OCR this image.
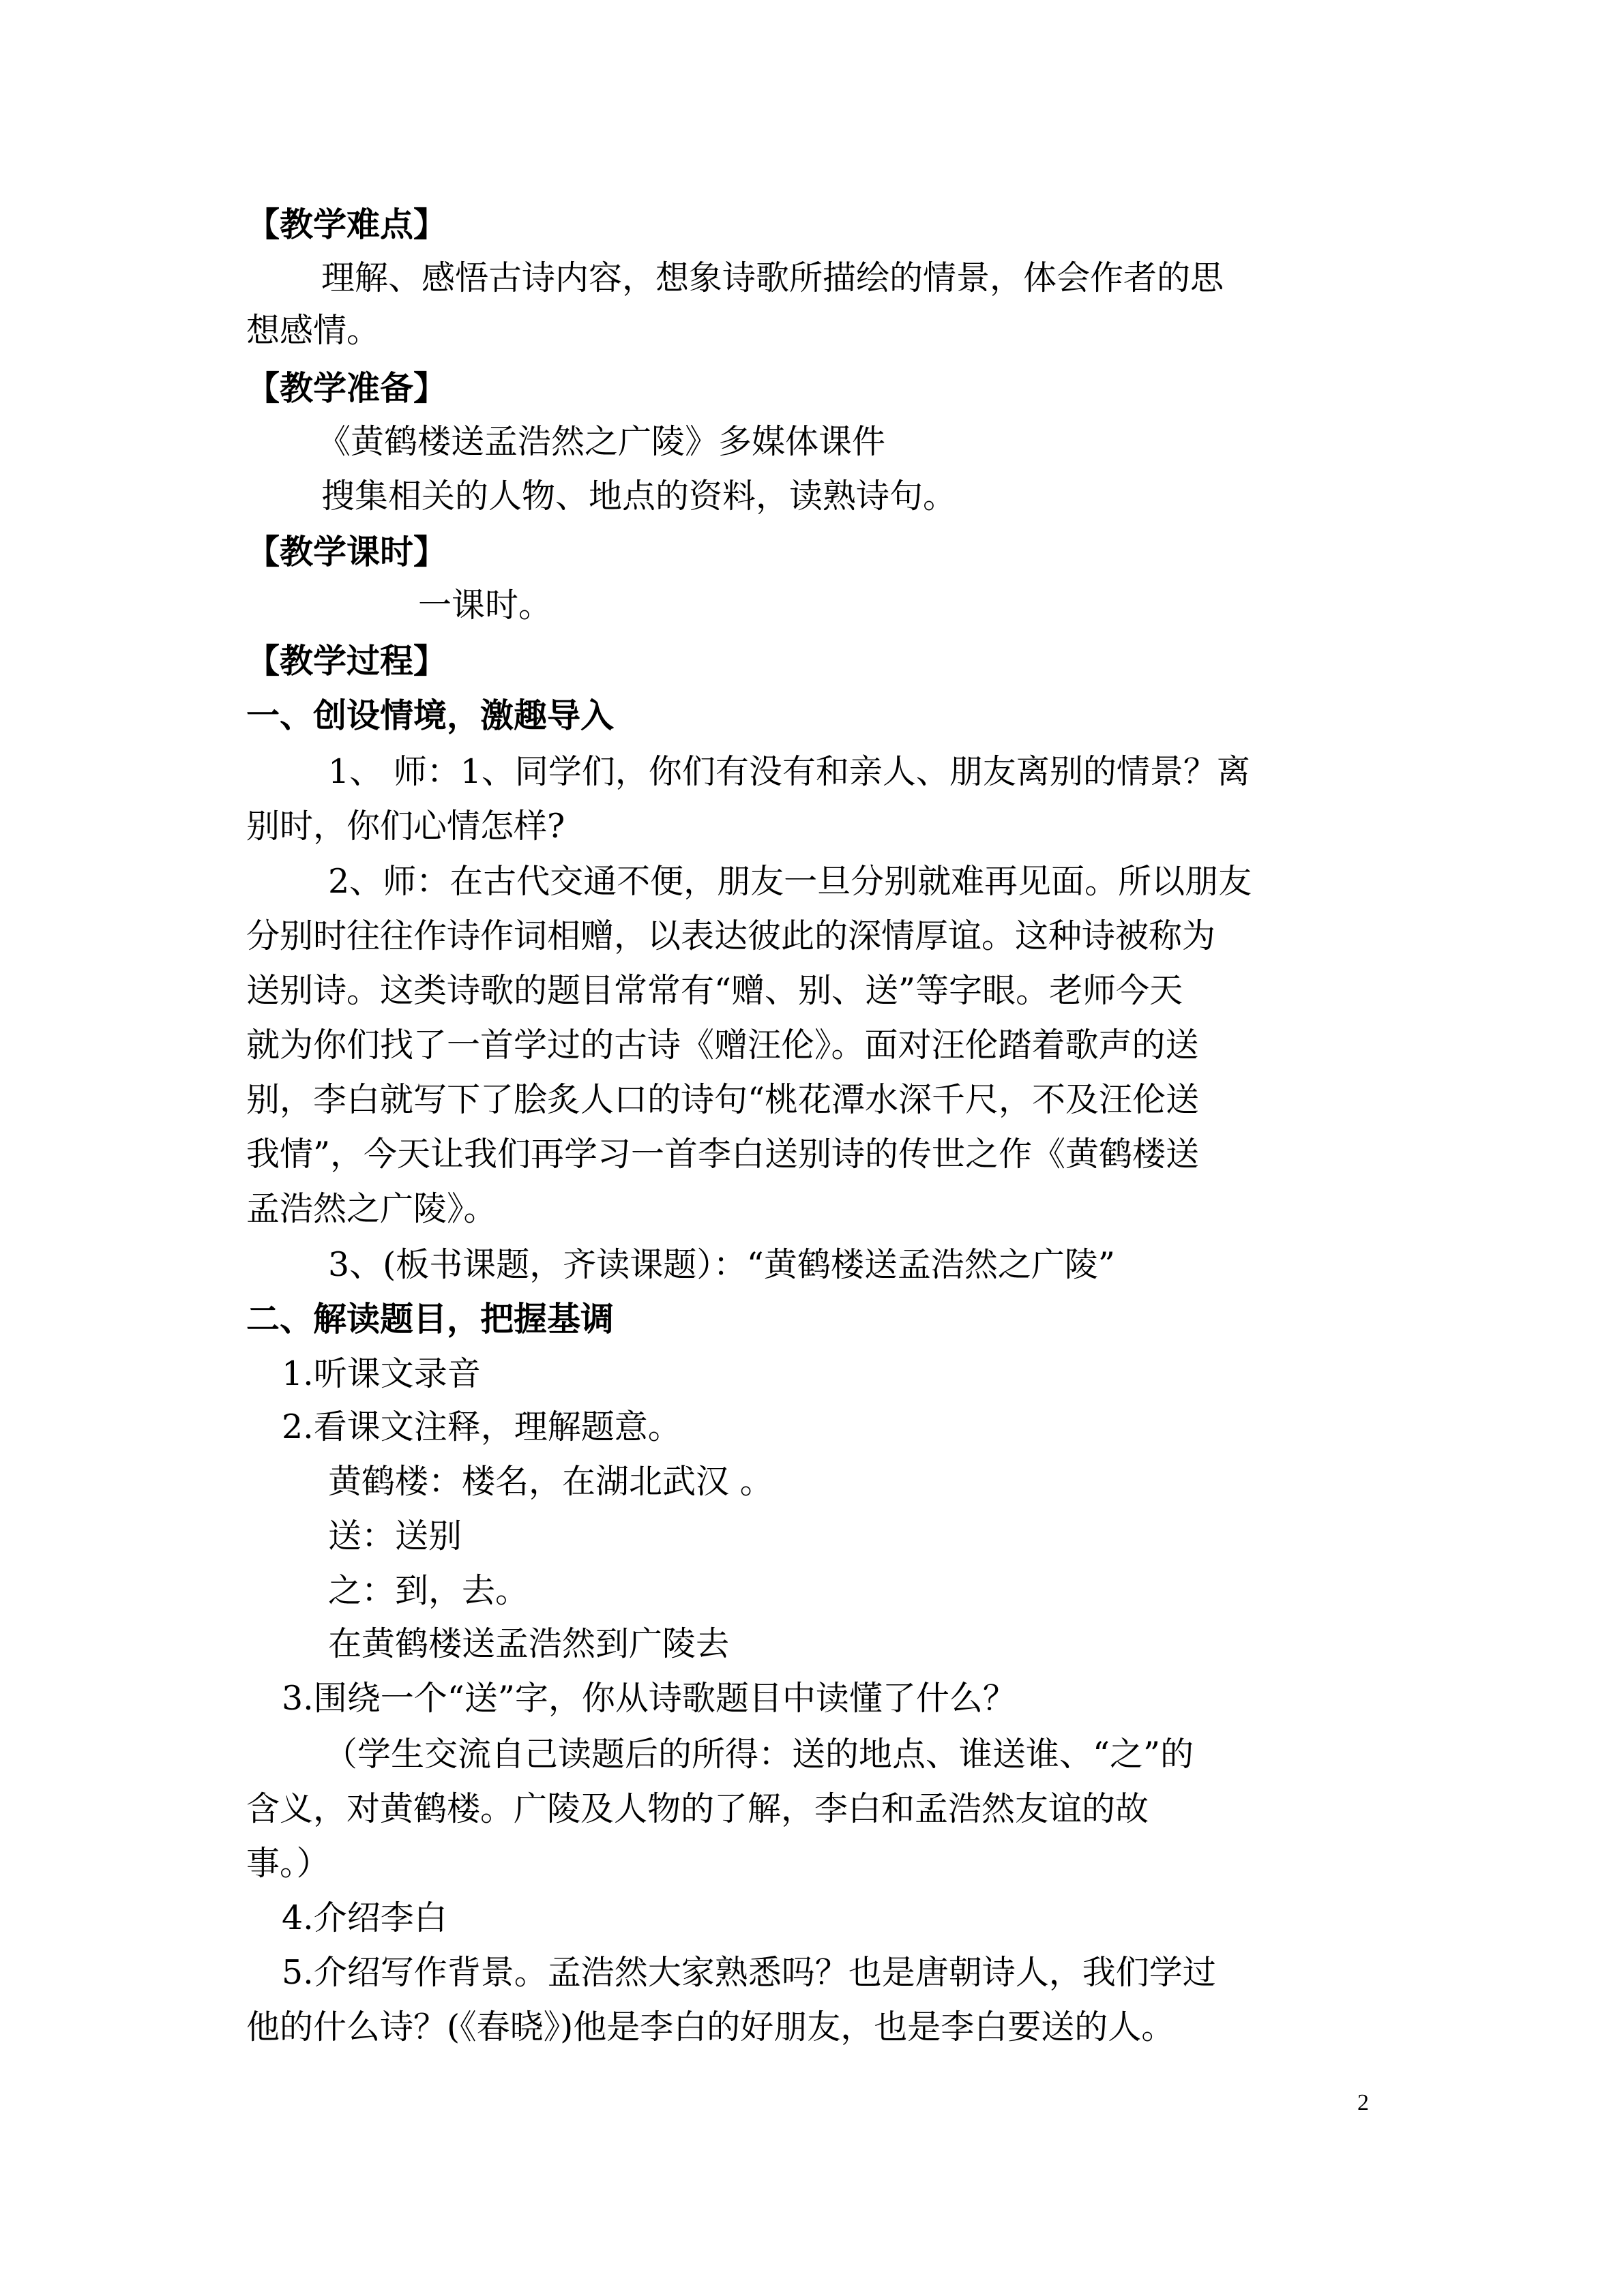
【教学难点】
理解、感悟古诗内容，想象诗歌所描绘的情景，体会作者的思
想感情。
【教学准备】
《黄鹤楼送孟浩然之广陵》多媒体课件
搜集相关的人物、地点的资料，读熟诗句。
【教学课时】
一课时。
【教学过程】
一、创设情境，激趣导入
1、 师：1、同学们，你们有没有和亲人、朋友离别的情景？离
别时，你们心情怎样?
2、师：在古代交通不便，朋友一旦分别就难再见面。所以朋友
分别时往往作诗作词相赠，以表达彼此的深情厚谊。这种诗被称为
送别诗。这类诗歌的题目常常有“赠、别、送”等字眼。老师今天
就为你们找了一首学过的古诗《赠汪伦》。面对汪伦踏着歌声的送
别，李白就写下了脍炙人口的诗句“桃花潭水深千尺，不及汪伦送
我情”，今天让我们再学习一首李白送别诗的传世之作《黄鹤楼送
孟浩然之广陵》。
3、(板书课题，齐读课题）：“黄鹤楼送孟浩然之广陵”
二、解读题目，把握基调
1.听课文录音
2.看课文注释，理解题意。
黄鹤楼：楼名，在湖北武汉 。
送：送别
之：到，去。
在黄鹤楼送孟浩然到广陵去
3.围绕一个“送”字，你从诗歌题目中读懂了什么？
（学生交流自己读题后的所得：送的地点、谁送谁、“之”的
含义，对黄鹤楼。广陵及人物的了解，李白和孟浩然友谊的故
事。）
4.介绍李白
5.介绍写作背景。孟浩然大家熟悉吗？也是唐朝诗人，我们学过
他的什么诗？(《春晓》)他是李白的好朋友，也是李白要送的人。
2
